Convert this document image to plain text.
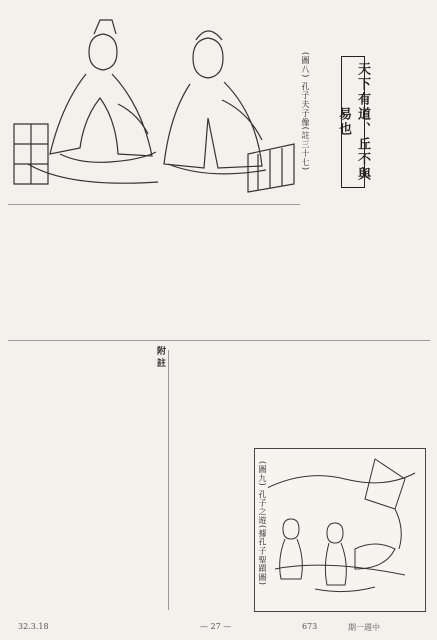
(圖八) 孔子夫子像(註三十七)	天下有道、丘不與易也
附註
(圖九) 孔子之遊(據孔子聖蹟圖)
32.3.18	— 27 —	673	期一週中
